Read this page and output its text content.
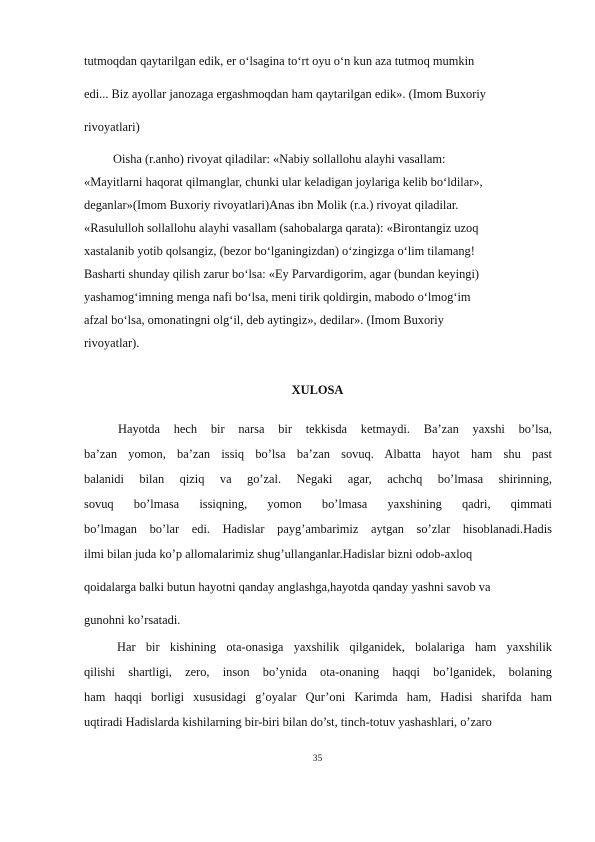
tutmoqdan qaytarilgan edik, er o‘lsagina to‘rt oyu o‘n kun aza tutmoq mumkin
edi... Biz ayollar janozaga ergashmoqdan ham qaytarilgan edik». (Imom Buxoriy
rivoyatlari)
Oisha (r.anho) rivoyat qiladilar: «Nabiy sollallohu alayhi vasallam:
«Mayitlarni haqorat qilmanglar, chunki ular keladigan joylariga kelib bo‘ldilar»,
deganlar»(Imom Buxoriy rivoyatlari)Anas ibn Molik (r.a.) rivoyat qiladilar.
«Rasululloh sollallohu alayhi vasallam (sahobalarga qarata): «Birontangiz uzoq
xastalanib yotib qolsangiz, (bezor bo‘lganingizdan) o‘zingizga o‘lim tilamang!
Basharti shunday qilish zarur bo‘lsa: «Ey Parvardigorim, agar (bundan keyingi)
yashamog‘imning menga nafi bo‘lsa, meni tirik qoldirgin, mabodo o‘lmog‘im
afzal bo‘lsa, omonatingni olg‘il, deb aytingiz», dedilar». (Imom Buxoriy
rivoyatlar).
XULOSA
Hayotda hech bir narsa bir tekkisda ketmaydi. Ba’zan yaxshi bo’lsa,
ba’zan yomon, ba’zan issiq bo’lsa ba’zan sovuq. Albatta hayot ham shu past
balanidi bilan qiziq va go’zal. Negaki agar, achchq bo’lmasa shirinning,
sovuq bo’lmasa issiqning, yomon bo’lmasa yaxshining qadri, qimmati
bo’lmagan bo’lar edi. Hadislar payg’ambarimiz aytgan so’zlar hisoblanadi.Hadis
ilmi bilan juda ko’p allomalarimiz shug’ullanganlar.Hadislar bizni odob-axloq
qoidalarga balki butun hayotni qanday anglashga,hayotda qanday yashni savob va
gunohni ko’rsatadi.
Har bir kishining ota-onasiga yaxshilik qilganidek, bolalariga ham yaxshilik
qilishi shartligi, zero, inson bo’ynida ota-onaning haqqi bo’lganidek, bolaning
ham haqqi borligi xususidagi g’oyalar Qur’oni Karimda ham, Hadisi sharifda ham
uqtiradi Hadislarda kishilarning bir-biri bilan do’st, tinch-totuv yashashlari, o’zaro
35
